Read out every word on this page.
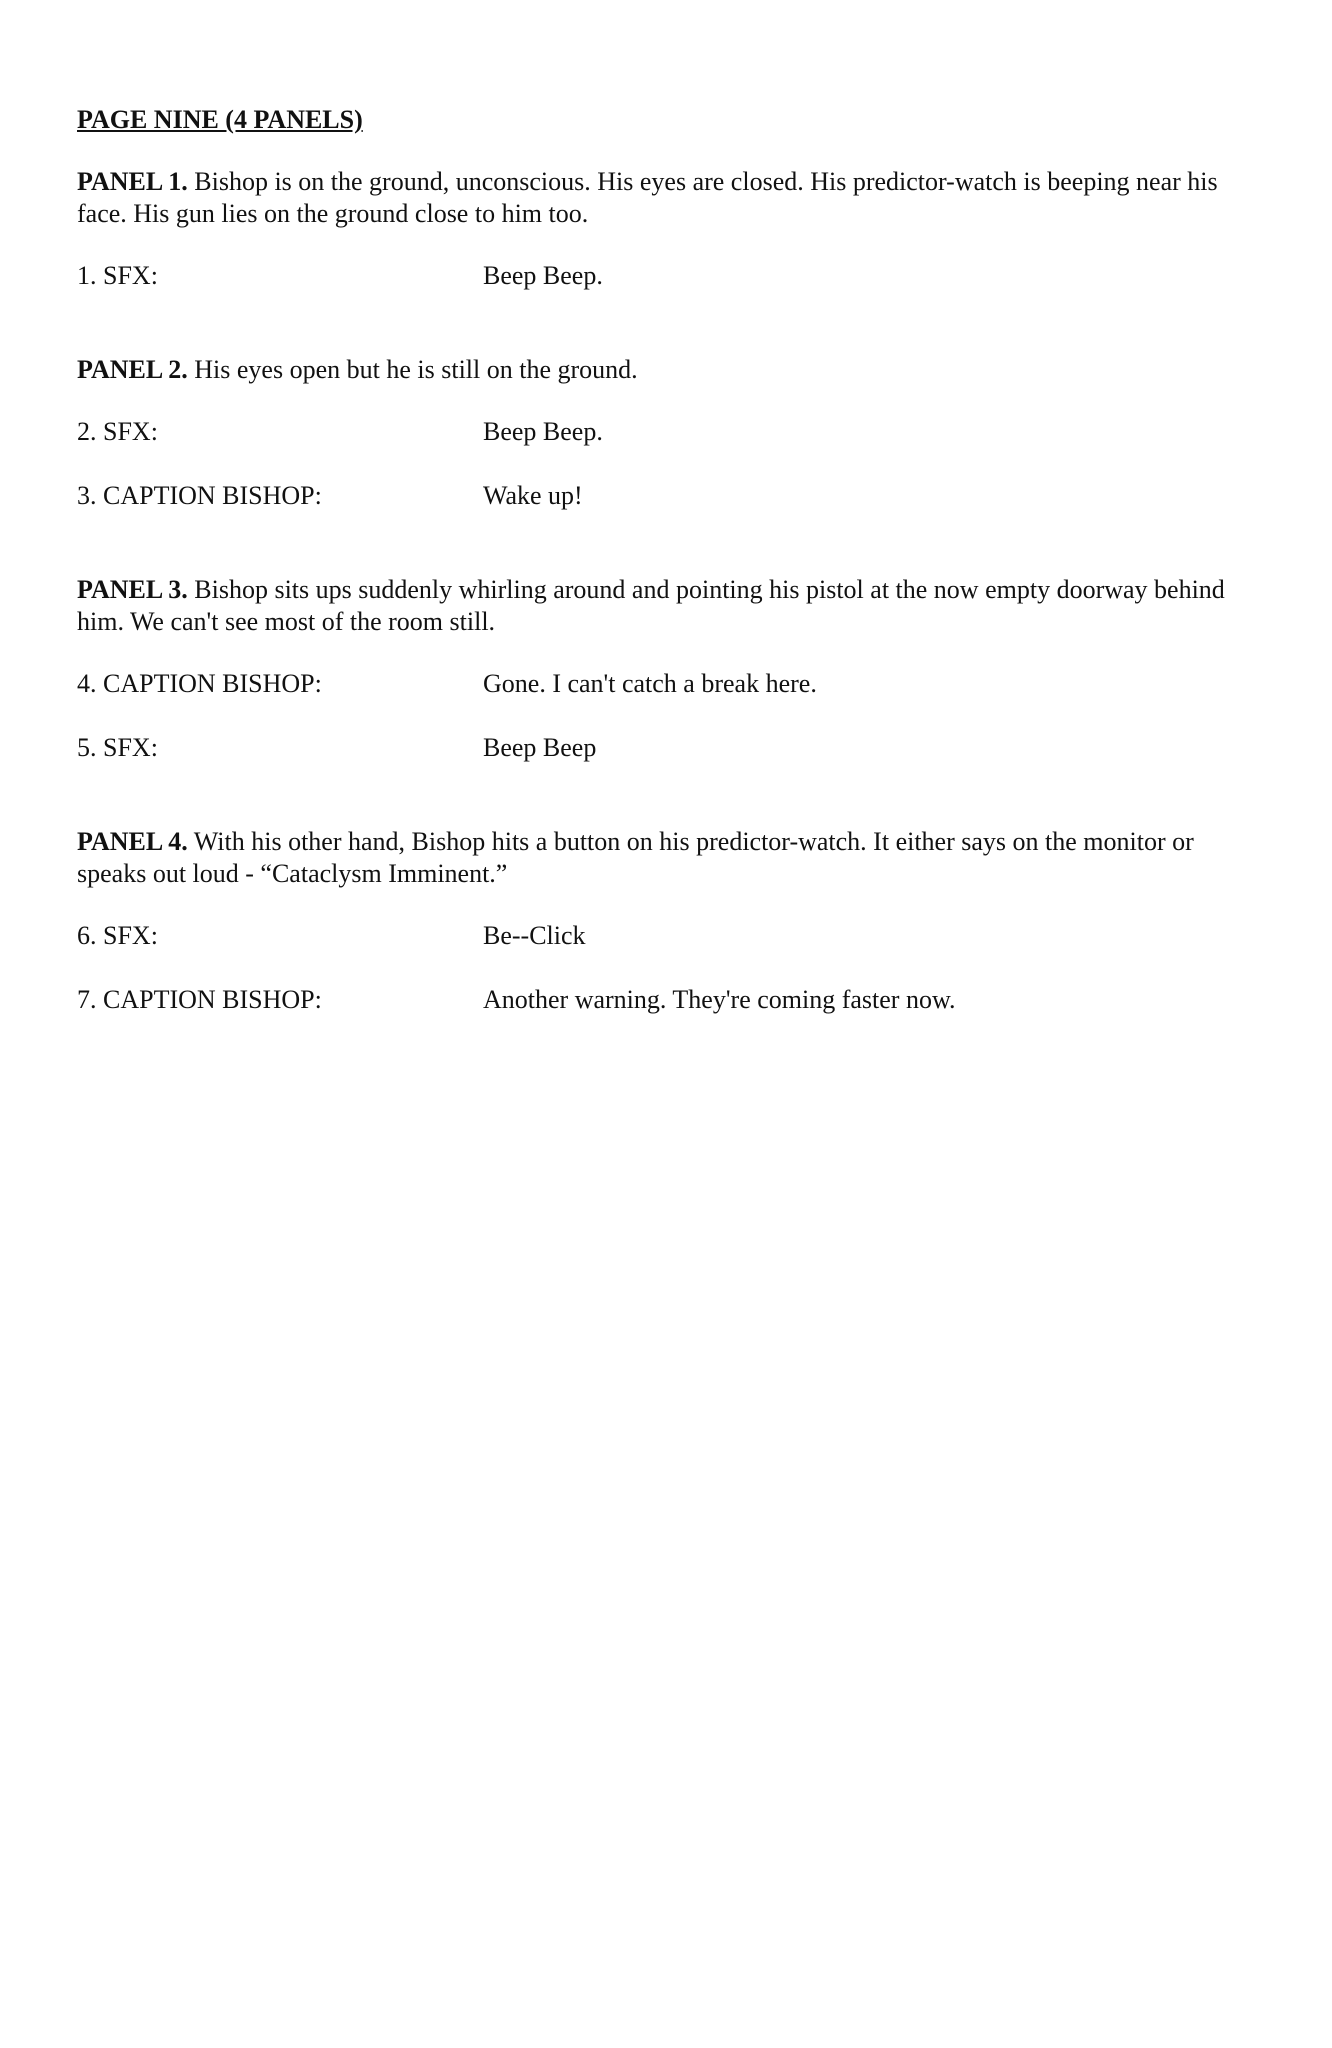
PAGE NINE (4 PANELS)
PANEL 1. Bishop is on the ground, unconscious. His eyes are closed. His predictor-watch is beeping near his face. His gun lies on the ground close to him too.
1. SFX:	Beep Beep.
PANEL 2. His eyes open but he is still on the ground.
2. SFX:	Beep Beep.
3. CAPTION BISHOP:	Wake up!
PANEL 3. Bishop sits ups suddenly whirling around and pointing his pistol at the now empty doorway behind him. We can't see most of the room still.
4. CAPTION BISHOP:	Gone. I can't catch a break here.
5. SFX:	Beep Beep
PANEL 4. With his other hand, Bishop hits a button on his predictor-watch. It either says on the monitor or speaks out loud - “Cataclysm Imminent.”
6. SFX:	Be--Click
7. CAPTION BISHOP:	Another warning. They're coming faster now.
